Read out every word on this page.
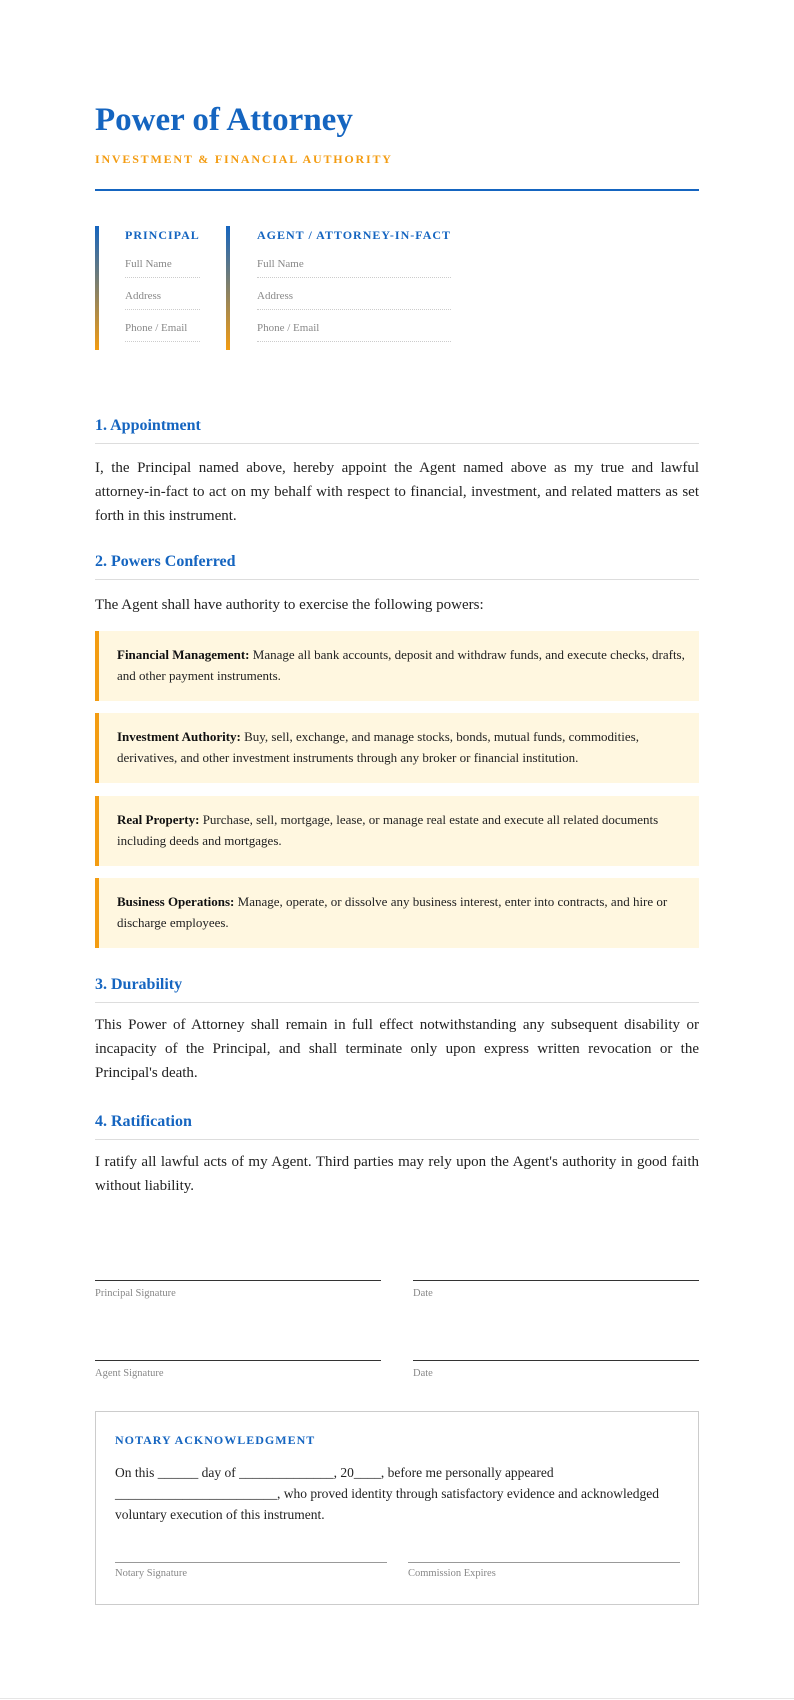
Power of Attorney
INVESTMENT & FINANCIAL AUTHORITY
PRINCIPAL
Full Name
Address
Phone / Email
AGENT / ATTORNEY-IN-FACT
Full Name
Address
Phone / Email
1. Appointment

I, the Principal named above, hereby appoint the Agent named above as my true and lawful attorney-in-fact to act on my behalf with respect to financial, investment, and related matters as set forth in this instrument.

2. Powers Conferred

The Agent shall have authority to exercise the following powers:

Financial Management: Manage all bank accounts, deposit and withdraw funds, and execute checks, drafts, and other payment instruments.
Investment Authority: Buy, sell, exchange, and manage stocks, bonds, mutual funds, commodities, derivatives, and other investment instruments through any broker or financial institution.
Real Property: Purchase, sell, mortgage, lease, or manage real estate and execute all related documents including deeds and mortgages.
Business Operations: Manage, operate, or dissolve any business interest, enter into contracts, and hire or discharge employees.
3. Durability

This Power of Attorney shall remain in full effect notwithstanding any subsequent disability or incapacity of the Principal, and shall terminate only upon express written revocation or the Principal's death.

4. Ratification

I ratify all lawful acts of my Agent. Third parties may rely upon the Agent's authority in good faith without liability.

Principal Signature	Date
Agent Signature	Date
NOTARY ACKNOWLEDGMENT

On this ______ day of ______________, 20____, before me personally appeared ________________________, who proved identity through satisfactory evidence and acknowledged voluntary execution of this instrument.

Notary Signature	Commission Expires
